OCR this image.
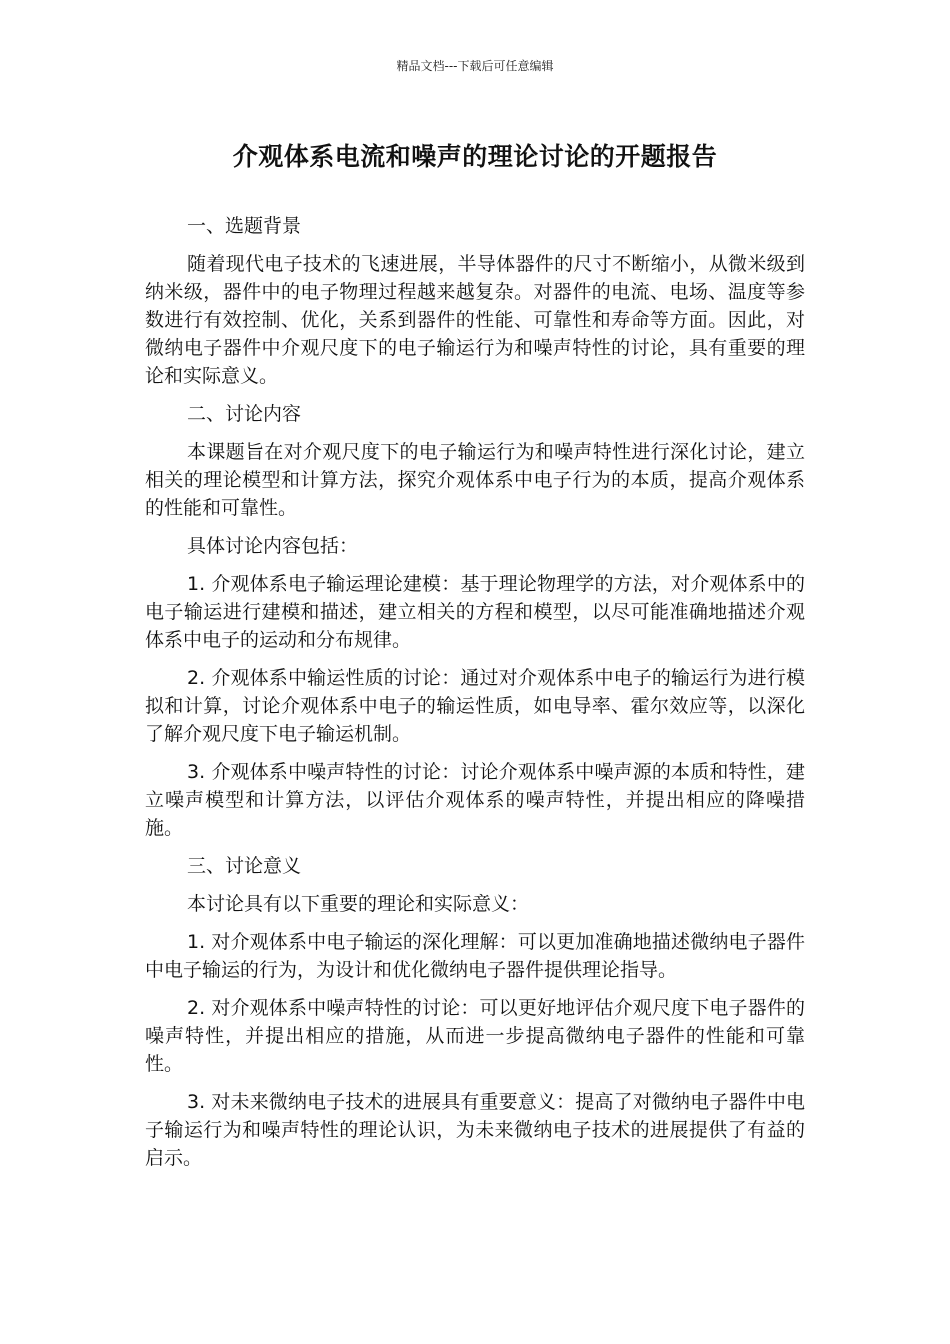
精品文档---下载后可任意编辑
介观体系电流和噪声的理论讨论的开题报告

一、选题背景

随着现代电子技术的飞速进展，半导体器件的尺寸不断缩小，从微米级到纳米级，器件中的电子物理过程越来越复杂。对器件的电流、电场、温度等参数进行有效控制、优化，关系到器件的性能、可靠性和寿命等方面。因此，对微纳电子器件中介观尺度下的电子输运行为和噪声特性的讨论，具有重要的理论和实际意义。

二、讨论内容

本课题旨在对介观尺度下的电子输运行为和噪声特性进行深化讨论，建立相关的理论模型和计算方法，探究介观体系中电子行为的本质，提高介观体系的性能和可靠性。

具体讨论内容包括：

1. 介观体系电子输运理论建模：基于理论物理学的方法，对介观体系中的电子输运进行建模和描述，建立相关的方程和模型，以尽可能准确地描述介观体系中电子的运动和分布规律。

2. 介观体系中输运性质的讨论：通过对介观体系中电子的输运行为进行模拟和计算，讨论介观体系中电子的输运性质，如电导率、霍尔效应等，以深化了解介观尺度下电子输运机制。

3. 介观体系中噪声特性的讨论：讨论介观体系中噪声源的本质和特性，建立噪声模型和计算方法，以评估介观体系的噪声特性，并提出相应的降噪措施。

三、讨论意义

本讨论具有以下重要的理论和实际意义：

1. 对介观体系中电子输运的深化理解：可以更加准确地描述微纳电子器件中电子输运的行为，为设计和优化微纳电子器件提供理论指导。

2. 对介观体系中噪声特性的讨论：可以更好地评估介观尺度下电子器件的噪声特性，并提出相应的措施，从而进一步提高微纳电子器件的性能和可靠性。

3. 对未来微纳电子技术的进展具有重要意义：提高了对微纳电子器件中电子输运行为和噪声特性的理论认识，为未来微纳电子技术的进展提供了有益的启示。
